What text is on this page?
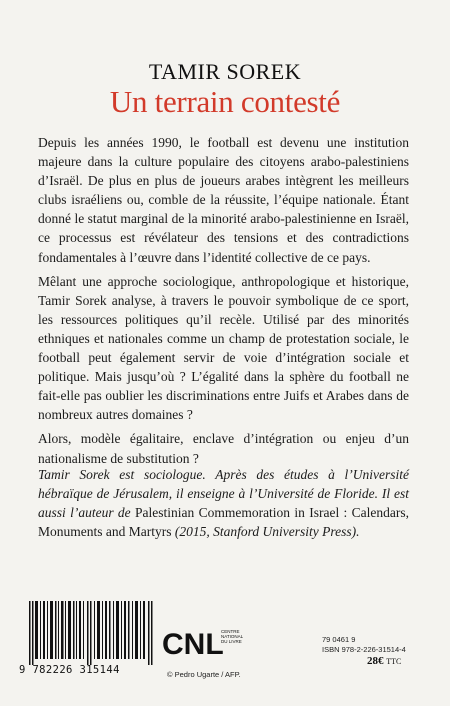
TAMIR SOREK
Un terrain contesté

Depuis les années 1990, le football est devenu une institution majeure dans la culture populaire des citoyens arabo-palestiniens d’Israël. De plus en plus de joueurs arabes intègrent les meilleurs clubs israéliens ou, comble de la réussite, l’équipe nationale. Étant donné le statut marginal de la minorité arabo-palestinienne en Israël, ce processus est révélateur des tensions et des contradictions fondamentales à l’œuvre dans l’identité collective de ce pays.

Mêlant une approche sociologique, anthropologique et historique, Tamir Sorek analyse, à travers le pouvoir symbolique de ce sport, les ressources politiques qu’il recèle. Utilisé par des minorités ethniques et nationales comme un champ de protestation sociale, le football peut également servir de voie d’intégration sociale et politique. Mais jusqu’où ? L’égalité dans la sphère du football ne fait-elle pas oublier les discriminations entre Juifs et Arabes dans de nombreux autres domaines ?

Alors, modèle égalitaire, enclave d’intégration ou enjeu d’un nationalisme de substitution ?

Tamir Sorek est sociologue. Après des études à l’Université hébraïque de Jérusalem, il enseigne à l’Université de Floride. Il est aussi l’auteur de Palestinian Commemoration in Israel : Calendars, Monuments and Martyrs (2015, Stanford University Press).
9 782226 315144
CNL
CENTRE
NATIONAL
DU LIVRE
© Pedro Ugarte / AFP.
79 0461 9
ISBN 978-2-226-31514-4
28€ TTC
